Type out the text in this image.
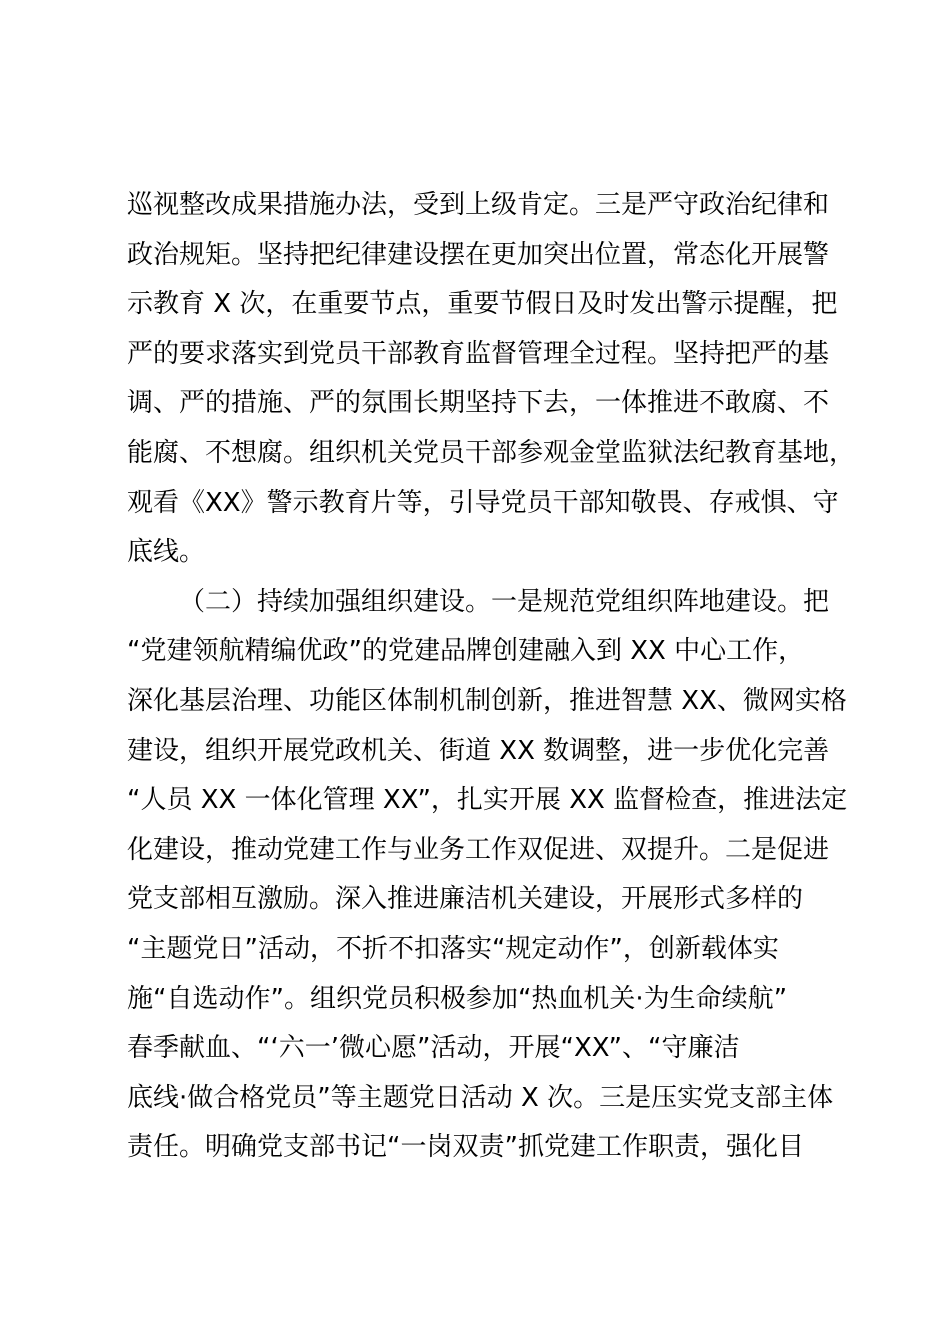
巡视整改成果措施办法，受到上级肯定。三是严守政治纪律和
政治规矩。坚持把纪律建设摆在更加突出位置，常态化开展警
示教育 X 次，在重要节点，重要节假日及时发出警示提醒，把
严的要求落实到党员干部教育监督管理全过程。坚持把严的基
调、严的措施、严的氛围长期坚持下去，一体推进不敢腐、不
能腐、不想腐。组织机关党员干部参观金堂监狱法纪教育基地，
观看《XX》警示教育片等，引导党员干部知敬畏、存戒惧、守
底线。
（二）持续加强组织建设。一是规范党组织阵地建设。把
“党建领航精编优政”的党建品牌创建融入到 XX 中心工作，
深化基层治理、功能区体制机制创新，推进智慧 XX、微网实格
建设，组织开展党政机关、街道 XX 数调整，进一步优化完善
“人员 XX 一体化管理 XX”，扎实开展 XX 监督检查，推进法定
化建设，推动党建工作与业务工作双促进、双提升。二是促进
党支部相互激励。深入推进廉洁机关建设，开展形式多样的
“主题党日”活动，不折不扣落实“规定动作”，创新载体实
施“自选动作”。组织党员积极参加“热血机关·为生命续航”
春季献血、“‘六一’微心愿”活动，开展“XX”、“守廉洁
底线·做合格党员”等主题党日活动 X 次。三是压实党支部主体
责任。明确党支部书记“一岗双责”抓党建工作职责，强化目
